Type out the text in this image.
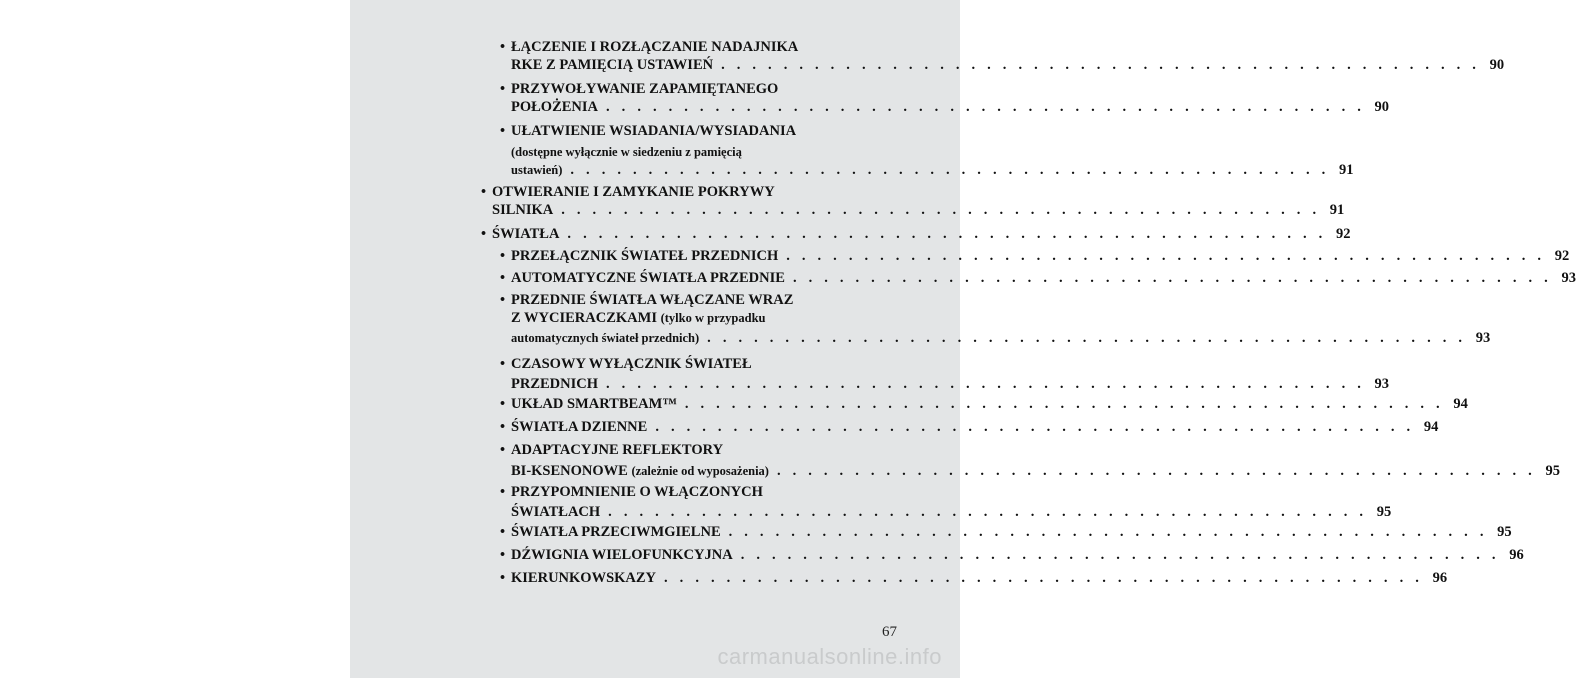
• ŁĄCZENIE I ROZŁĄCZANIE NADAJNIKA
RKE Z PAMIĘCIĄ USTAWIEŃ . . . . . . . . . . . . . . . . . . . . . . . . . . . . . . . . . . . . . . . . . . . . . . . . . 90
• PRZYWOŁYWANIE ZAPAMIĘTANEGO
POŁOŻENIA . . . . . . . . . . . . . . . . . . . . . . . . . . . . . . . . . . . . . . . . . . . . . . . . . 90
• UŁATWIENIE WSIADANIA/WYSIADANIA
(dostępne wyłącznie w siedzeniu z pamięcią
ustawień) . . . . . . . . . . . . . . . . . . . . . . . . . . . . . . . . . . . . . . . . . . . . . . . . . 91
• OTWIERANIE I ZAMYKANIE POKRYWY
SILNIKA . . . . . . . . . . . . . . . . . . . . . . . . . . . . . . . . . . . . . . . . . . . . . . . . . 91
• ŚWIATŁA . . . . . . . . . . . . . . . . . . . . . . . . . . . . . . . . . . . . . . . . . . . . . . . . . 92
• PRZEŁĄCZNIK ŚWIATEŁ PRZEDNICH . . . . . . . . . . . . . . . . . . . . . . . . . . . . . . . . . . . . . . . . . . . . . . . . . 92
• AUTOMATYCZNE ŚWIATŁA PRZEDNIE . . . . . . . . . . . . . . . . . . . . . . . . . . . . . . . . . . . . . . . . . . . . . . . . . 93
• PRZEDNIE ŚWIATŁA WŁĄCZANE WRAZ
Z WYCIERACZKAMI
(tylko w przypadku
automatycznych świateł przednich) . . . . . . . . . . . . . . . . . . . . . . . . . . . . . . . . . . . . . . . . . . . . . . . . . 93
• CZASOWY WYŁĄCZNIK ŚWIATEŁ
PRZEDNICH . . . . . . . . . . . . . . . . . . . . . . . . . . . . . . . . . . . . . . . . . . . . . . . . . 93
• UKŁAD SMARTBEAM™ . . . . . . . . . . . . . . . . . . . . . . . . . . . . . . . . . . . . . . . . . . . . . . . . . 94
• ŚWIATŁA DZIENNE . . . . . . . . . . . . . . . . . . . . . . . . . . . . . . . . . . . . . . . . . . . . . . . . . 94
• ADAPTACYJNE REFLEKTORY
BI-KSENONOWE
(zależnie od wyposażenia) . . . . . . . . . . . . . . . . . . . . . . . . . . . . . . . . . . . . . . . . . . . . . . . . . 95
• PRZYPOMNIENIE O WŁĄCZONYCH
ŚWIATŁACH . . . . . . . . . . . . . . . . . . . . . . . . . . . . . . . . . . . . . . . . . . . . . . . . . 95
• ŚWIATŁA PRZECIWMGIELNE . . . . . . . . . . . . . . . . . . . . . . . . . . . . . . . . . . . . . . . . . . . . . . . . . 95
• DŹWIGNIA WIELOFUNKCYJNA . . . . . . . . . . . . . . . . . . . . . . . . . . . . . . . . . . . . . . . . . . . . . . . . . 96
• KIERUNKOWSKAZY . . . . . . . . . . . . . . . . . . . . . . . . . . . . . . . . . . . . . . . . . . . . . . . . . 96
67
carmanualsonline.info
